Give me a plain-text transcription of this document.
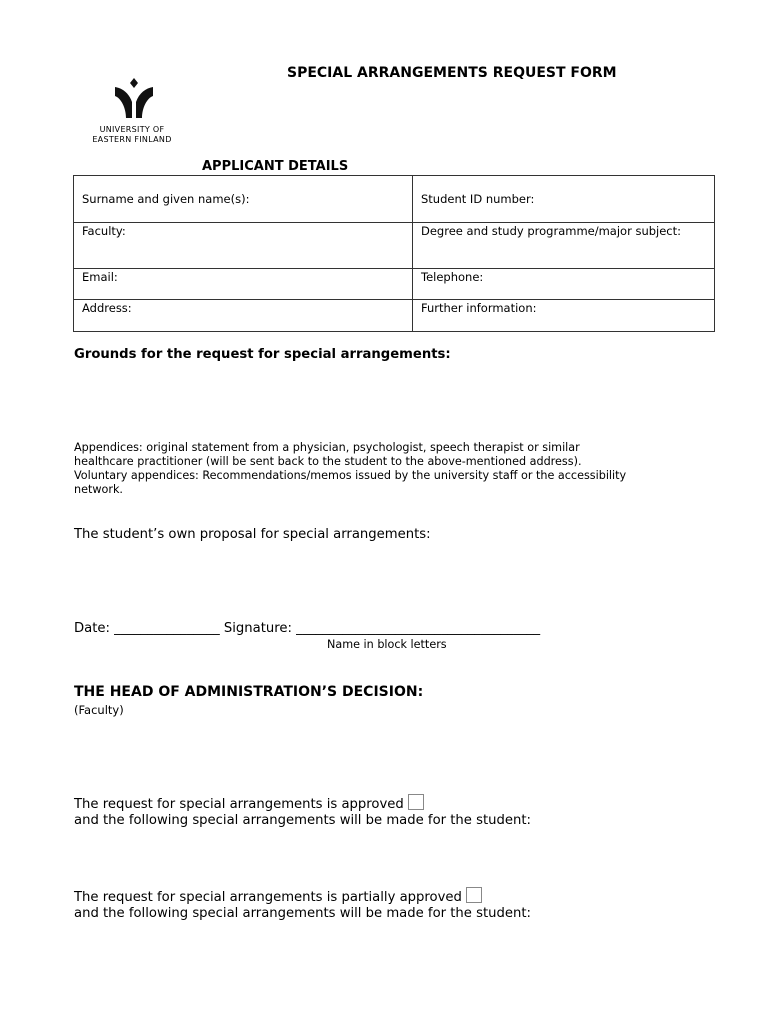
UNIVERSITY OF
EASTERN FINLAND
SPECIAL ARRANGEMENTS REQUEST FORM
APPLICANT DETAILS
Surname and given name(s):	Student ID number:
Faculty:	Degree and study programme/major subject:
Email:	Telephone:
Address:	Further information:
Grounds for the request for special arrangements:
Appendices: original statement from a physician, psychologist, speech therapist or similar
healthcare practitioner (will be sent back to the student to the above-mentioned address).
Voluntary appendices: Recommendations/memos issued by the university staff or the accessibility
network.
The student’s own proposal for special arrangements:
Date: ________________ Signature: _____________________________________
Name in block letters
THE HEAD OF ADMINISTRATION’S DECISION:
(Faculty)
The request for special arrangements is approved
and the following special arrangements will be made for the student:
The request for special arrangements is partially approved
and the following special arrangements will be made for the student:
